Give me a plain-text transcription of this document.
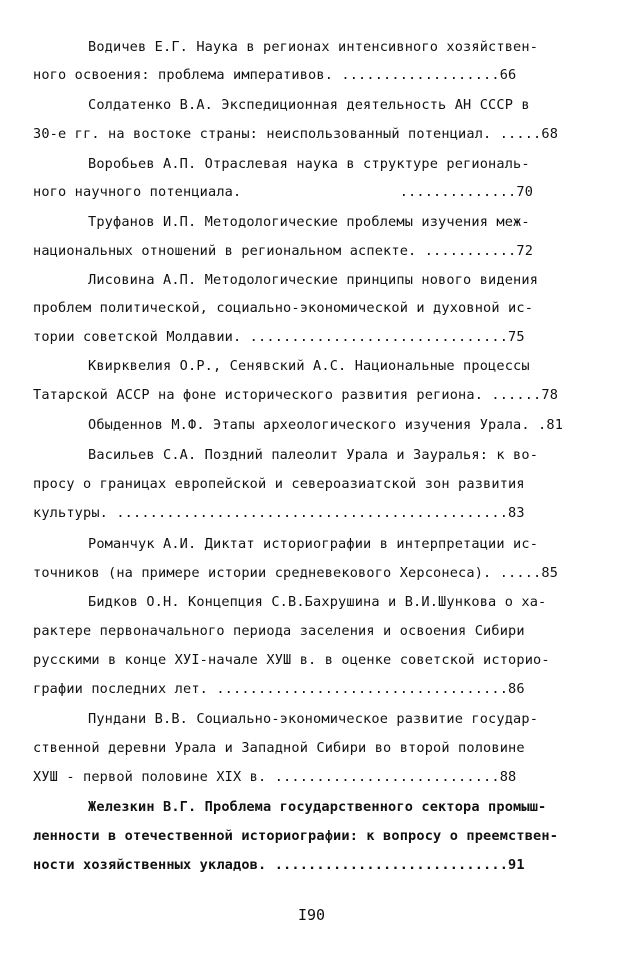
Водичев Е.Г. Наука в регионах интенсивного хозяйствен-
ного освоения: проблема императивов. ...................66
Солдатенко В.А. Экспедиционная деятельность АН СССР в
30-е гг. на востоке страны: неиспользованный потенциал. .....68
Воробьев А.П. Отраслевая наука в структуре региональ-
ного научного потенциала.                   ..............70
Труфанов И.П. Методологические проблемы изучения меж-
национальных отношений в региональном аспекте. ...........72
Лисовина А.П. Методологические принципы нового видения
проблем политической, социально-экономической и духовной ис-
тории советской Молдавии. ...............................75
Квирквелия О.Р., Сенявский А.С. Национальные процессы
Татарской АССР на фоне исторического развития региона. ......78
Обыденнов М.Ф. Этапы археологического изучения Урала. .81
Васильев С.А. Поздний палеолит Урала и Зауралья: к во-
просу о границах европейской и североазиатской зон развития
культуры. ...............................................83
Романчук А.И. Диктат историографии в интерпретации ис-
точников (на примере истории средневекового Херсонеса). .....85
Бидков О.Н. Концепция С.В.Бахрушина и В.И.Шункова о ха-
рактере первоначального периода заселения и освоения Сибири
русскими в конце ХУI-начале ХУШ в. в оценке советской историо-
графии последних лет. ...................................86
Пундани В.В. Социально-экономическое развитие государ-
ственной деревни Урала и Западной Сибири во второй половине
ХУШ - первой половине XIX в. ...........................88
Железкин В.Г. Проблема государственного сектора промыш-
ленности в отечественной историографии: к вопросу о преемствен-
ности хозяйственных укладов. ............................91
I90
